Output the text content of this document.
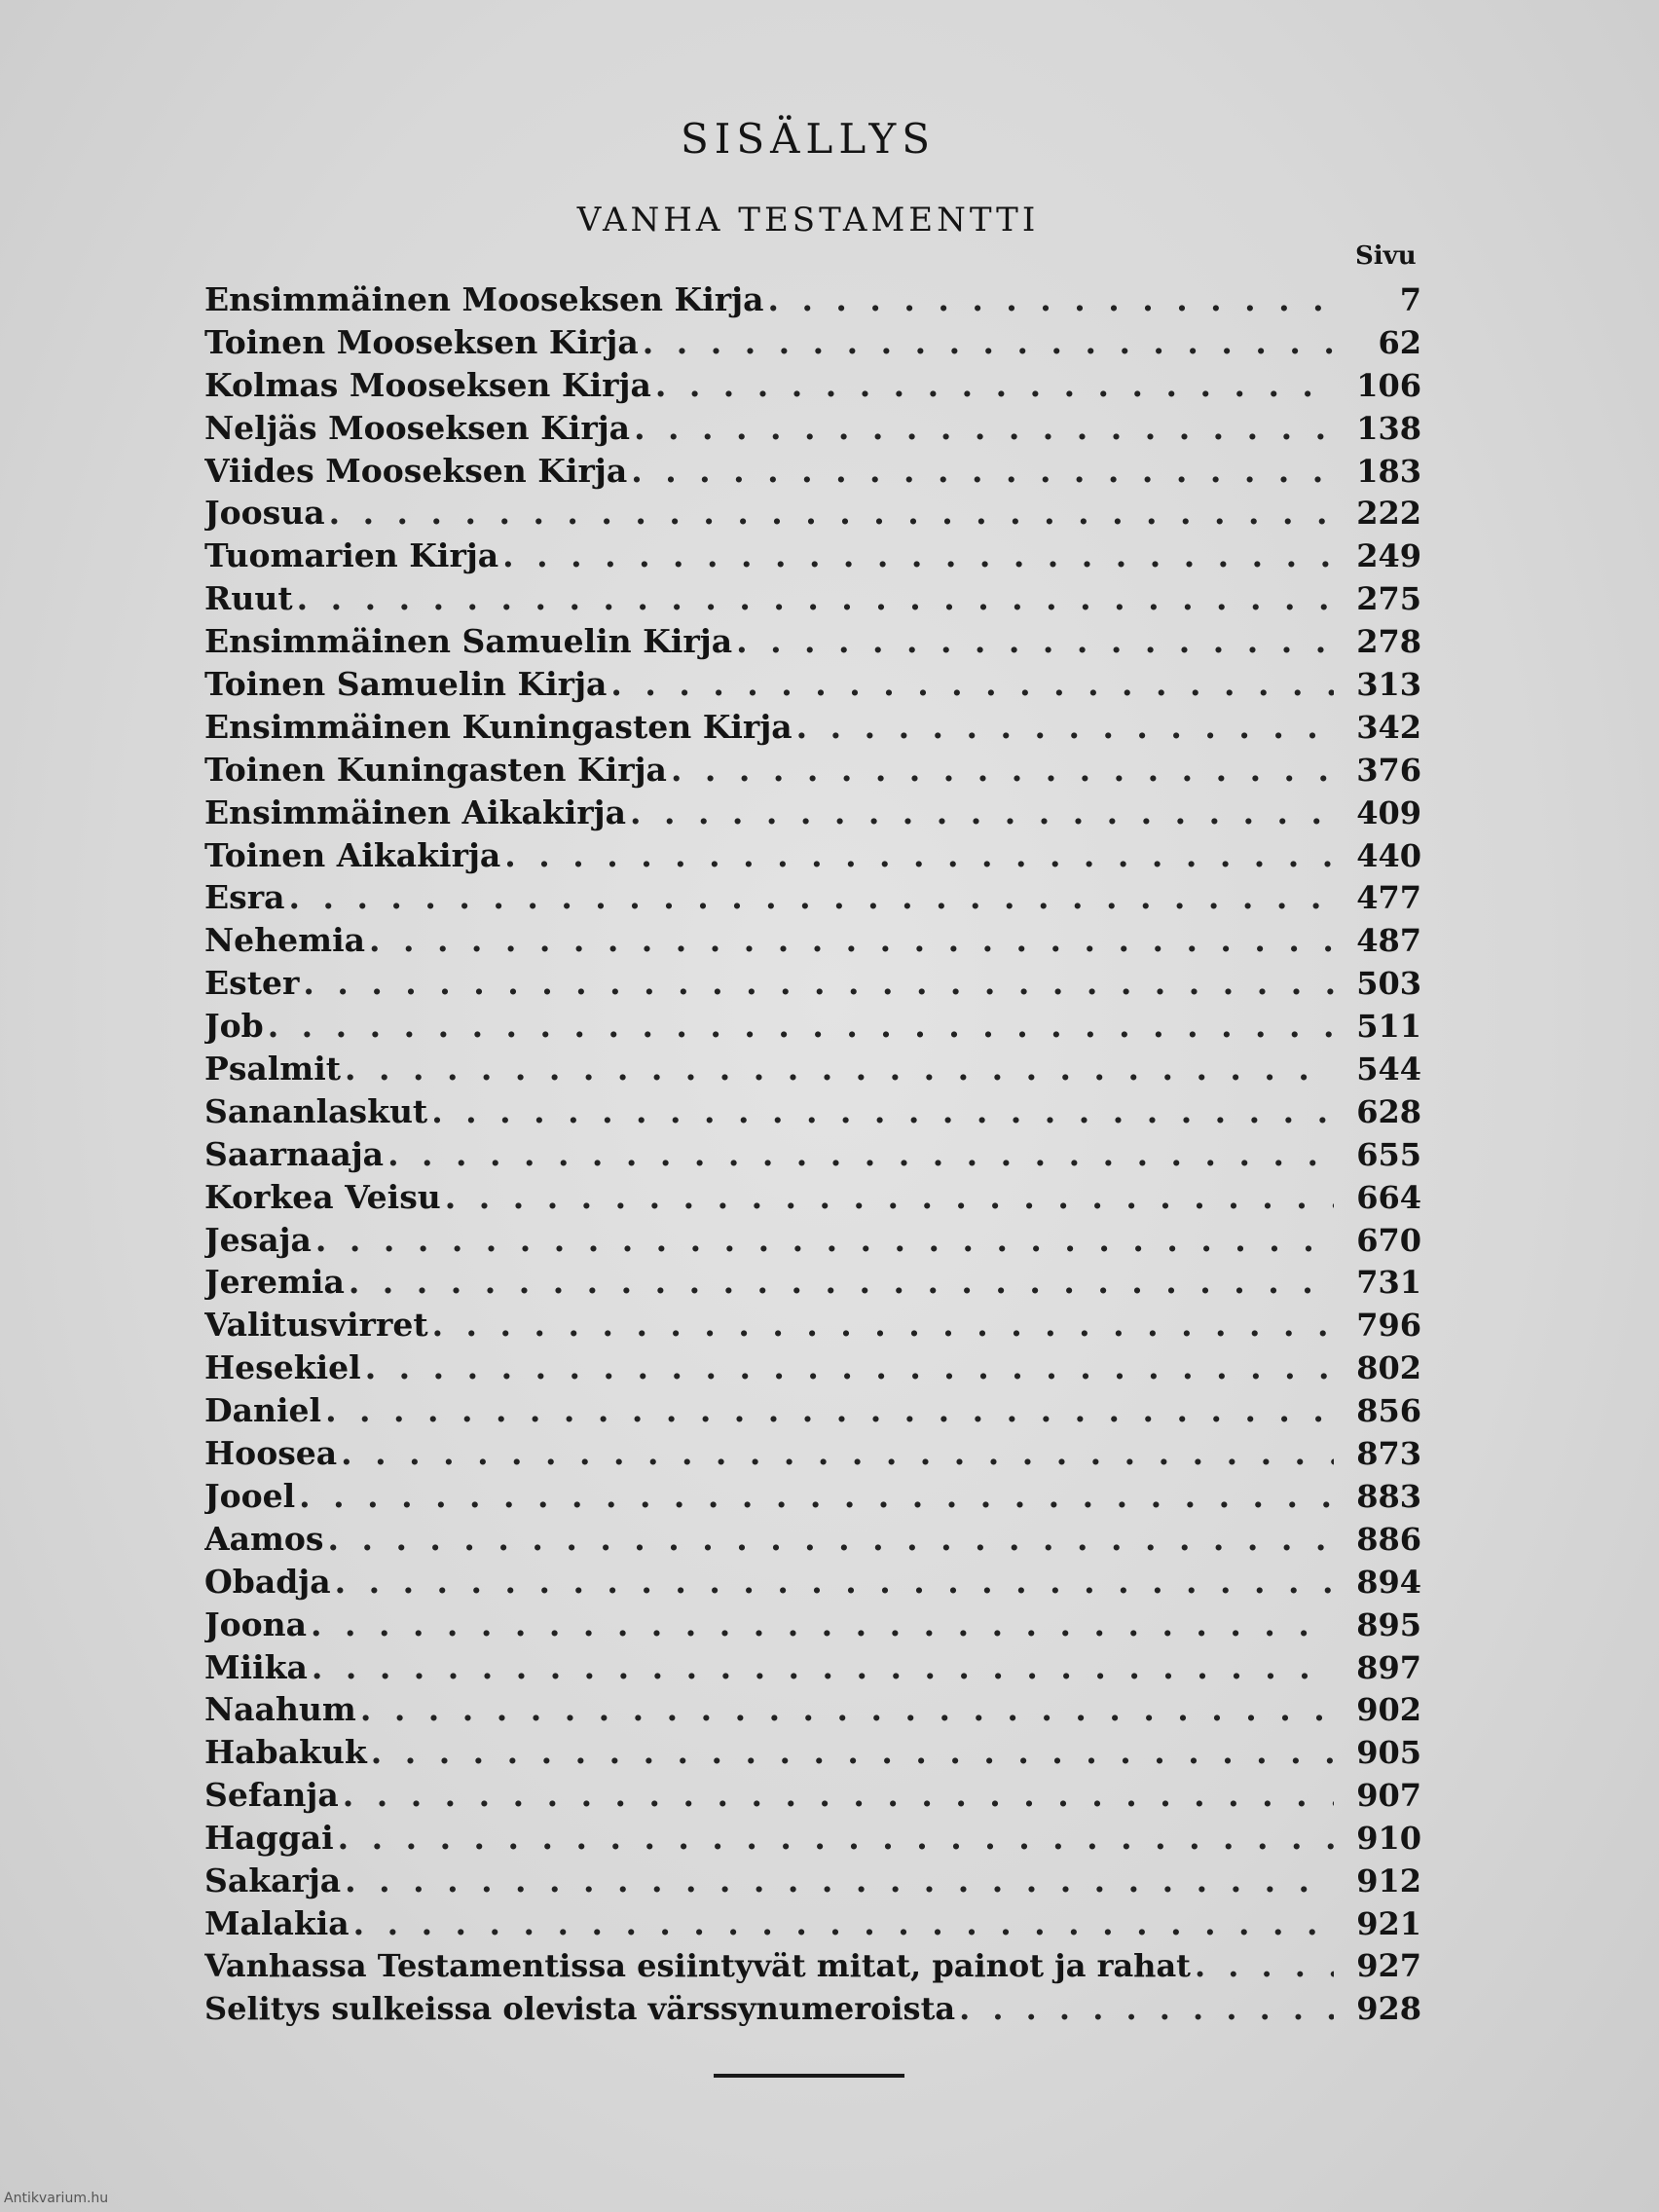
SISÄLLYS
VANHA TESTAMENTTI
Sivu
Ensimmäinen Mooseksen Kirja . . .	7
Toinen Mooseksen Kirja . . .	62
Kolmas Mooseksen Kirja . . .	106
Neljäs Mooseksen Kirja . . .	138
Viides Mooseksen Kirja . . .	183
Joosua . . .	222
Tuomarien Kirja . . .	249
Ruut . . .	275
Ensimmäinen Samuelin Kirja . . .	278
Toinen Samuelin Kirja . . .	313
Ensimmäinen Kuningasten Kirja . . .	342
Toinen Kuningasten Kirja . . .	376
Ensimmäinen Aikakirja . . .	409
Toinen Aikakirja . . .	440
Esra . . .	477
Nehemia . . .	487
Ester . . .	503
Job . . .	511
Psalmit . . .	544
Sananlaskut . . .	628
Saarnaaja . . .	655
Korkea Veisu . . .	664
Jesaja . . .	670
Jeremia . . .	731
Valitusvirret . . .	796
Hesekiel . . .	802
Daniel . . .	856
Hoosea . . .	873
Jooel . . .	883
Aamos . . .	886
Obadja . . .	894
Joona . . .	895
Miika . . .	897
Naahum . . .	902
Habakuk . . .	905
Sefanja . . .	907
Haggai . . .	910
Sakarja . . .	912
Malakia . . .	921
Vanhassa Testamentissa esiintyvät mitat, painot ja rahat . . .	927
Selitys sulkeissa olevista värssynumeroista . . .	928
Antikvarium.hu
